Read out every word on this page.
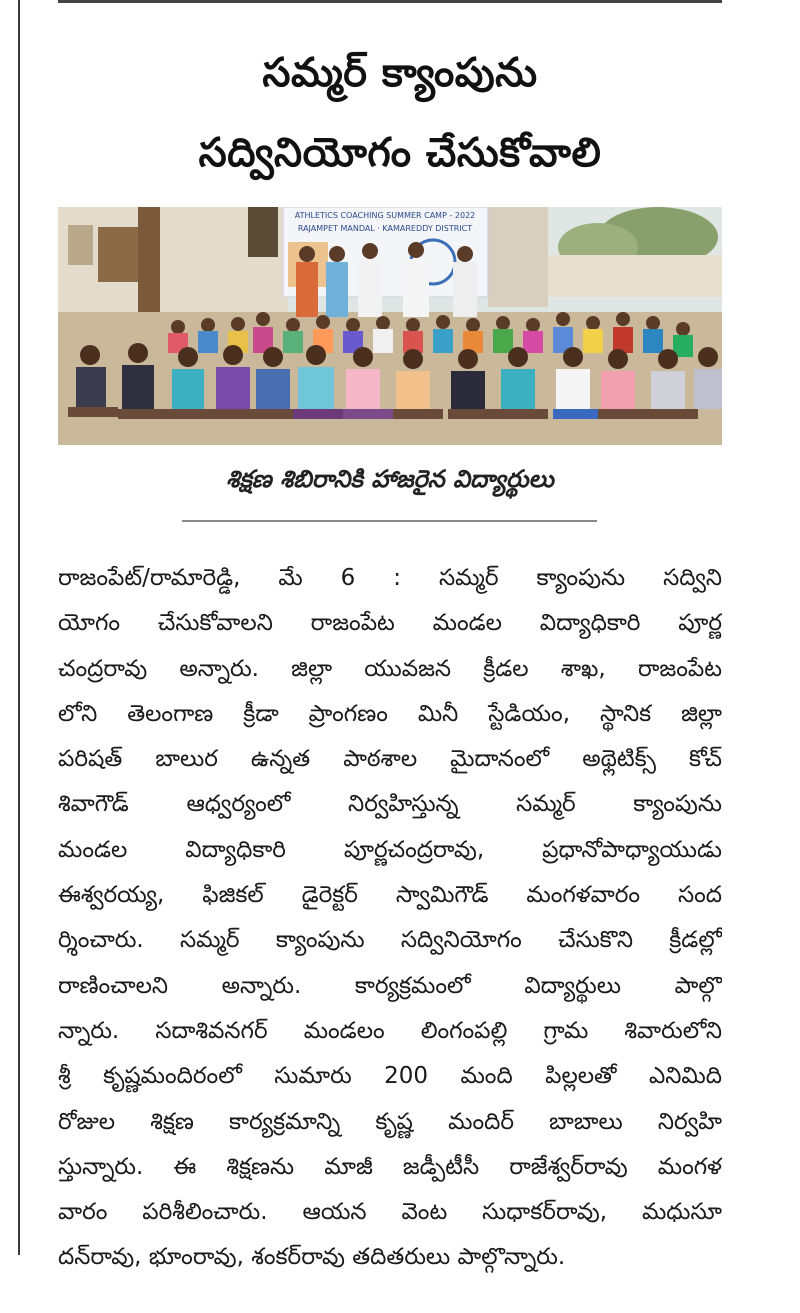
సమ్మర్ క్యాంపును
సద్వినియోగం చేసుకోవాలి
ATHLETICS COACHING SUMMER CAMP - 2022
RAJAMPET MANDAL · KAMAREDDY DISTRICT

శిక్షణ శిబిరానికి హాజరైన విద్యార్థులు

రాజంపేట్/రామారెడ్డి, మే 6 : సమ్మర్ క్యాంపును సద్విని
యోగం చేసుకోవాలని రాజంపేట మండల విద్యాధికారి పూర్ణ
చంద్రరావు అన్నారు. జిల్లా యువజన క్రీడల శాఖ, రాజంపేట
లోని తెలంగాణ క్రీడా ప్రాంగణం మినీ స్టేడియం, స్థానిక జిల్లా
పరిషత్ బాలుర ఉన్నత పాఠశాల మైదానంలో అథ్లెటిక్స్ కోచ్
శివాగౌడ్ ఆధ్వర్యంలో నిర్వహిస్తున్న సమ్మర్ క్యాంపును
మండల విద్యాధికారి పూర్ణచంద్రరావు, ప్రధానోపాధ్యాయుడు
ఈశ్వరయ్య, ఫిజికల్ డైరెక్టర్ స్వామిగౌడ్ మంగళవారం సంద
ర్శించారు. సమ్మర్ క్యాంపును సద్వినియోగం చేసుకొని క్రీడల్లో
రాణించాలని అన్నారు. కార్యక్రమంలో విద్యార్థులు పాల్గొ
న్నారు. సదాశివనగర్ మండలం లింగంపల్లి గ్రామ శివారులోని
శ్రీ కృష్ణమందిరంలో సుమారు 200 మంది పిల్లలతో ఎనిమిది
రోజుల శిక్షణ కార్యక్రమాన్ని కృష్ణ మందిర్ బాబాలు నిర్వహి
స్తున్నారు. ఈ శిక్షణను మాజీ జడ్పీటీసీ రాజేశ్వర్‌రావు మంగళ
వారం పరిశీలించారు. ఆయన వెంట సుధాకర్‌రావు, మధుసూ
దన్‌రావు, భూంరావు, శంకర్‌రావు తదితరులు పాల్గొన్నారు.
